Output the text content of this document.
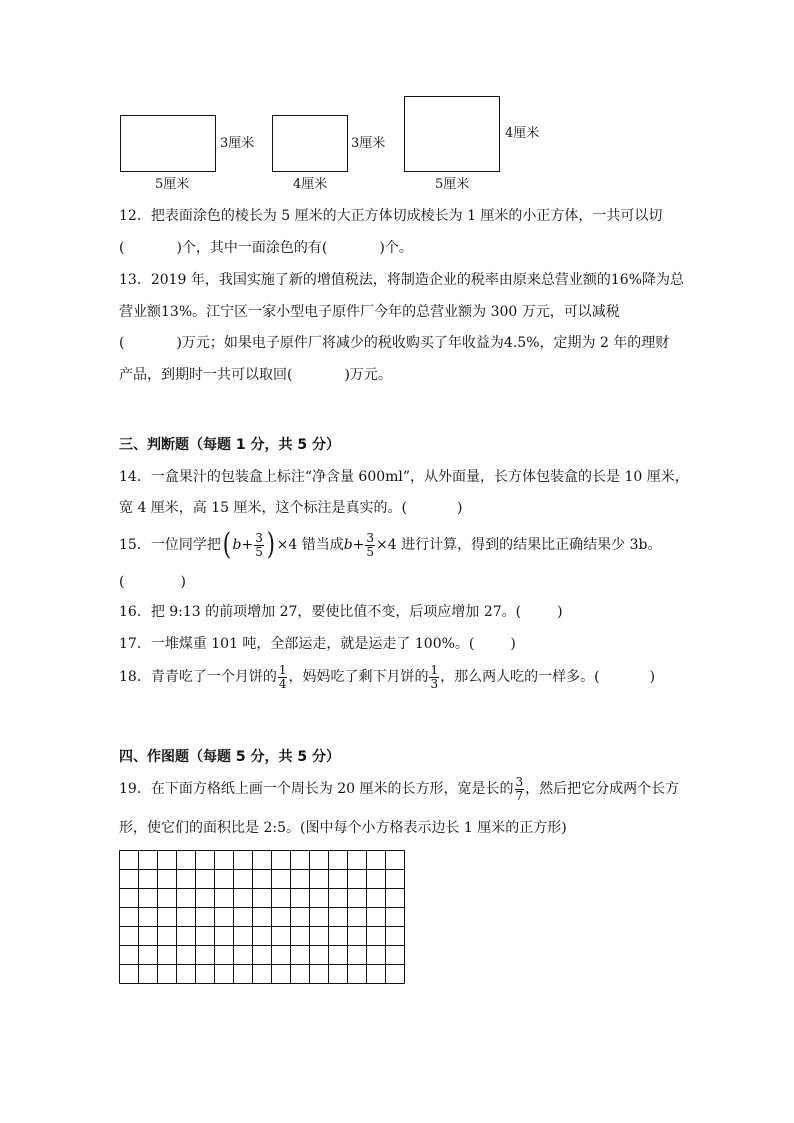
3厘米
5厘米
3厘米
4厘米
4厘米
5厘米
12．把表面涂色的棱长为 5 厘米的大正方体切成棱长为 1 厘米的小正方体，一共可以切
(	)个，其中一面涂色的有(	)个。
13．2019 年，我国实施了新的增值税法，将制造企业的税率由原来总营业额的16%降为总
营业额13%。江宁区一家小型电子原件厂今年的总营业额为 300 万元，可以减税
(	)万元；如果电子原件厂将减少的税收购买了年收益为4.5%，定期为 2 年的理财
产品，到期时一共可以取回(	)万元。
三、判断题（每题 1 分，共 5 分）
14．一盒果汁的包装盒上标注“净含量 600ml”，从外面量，长方体包装盒的长是 10 厘米，
宽 4 厘米，高 15 厘米，这个标注是真实的。(	)
15．一位同学把( $b+ \frac{3}{5}$ ) ×4 错当成$b+ \frac{3}{5} \times 4$ 进行计算，得到的结果比正确结果少 3b。
(	)
16．把 9:13 的前项增加 27，要使比值不变，后项应增加 27。(	)
17．一堆煤重 101 吨，全部运走，就是运走了 100%。(	)
18．青青吃了一个月饼的 $\frac{1}{4}$ ，妈妈吃了剩下月饼的 $\frac{1}{3}$ ，那么两人吃的一样多。(	)
四、作图题（每题 5 分，共 5 分）
19．在下面方格纸上画一个周长为 20 厘米的长方形，宽是长的 $\frac{3}{7}$ ，然后把它分成两个长方
形，使它们的面积比是 2:5。(图中每个小方格表示边长 1 厘米的正方形)
